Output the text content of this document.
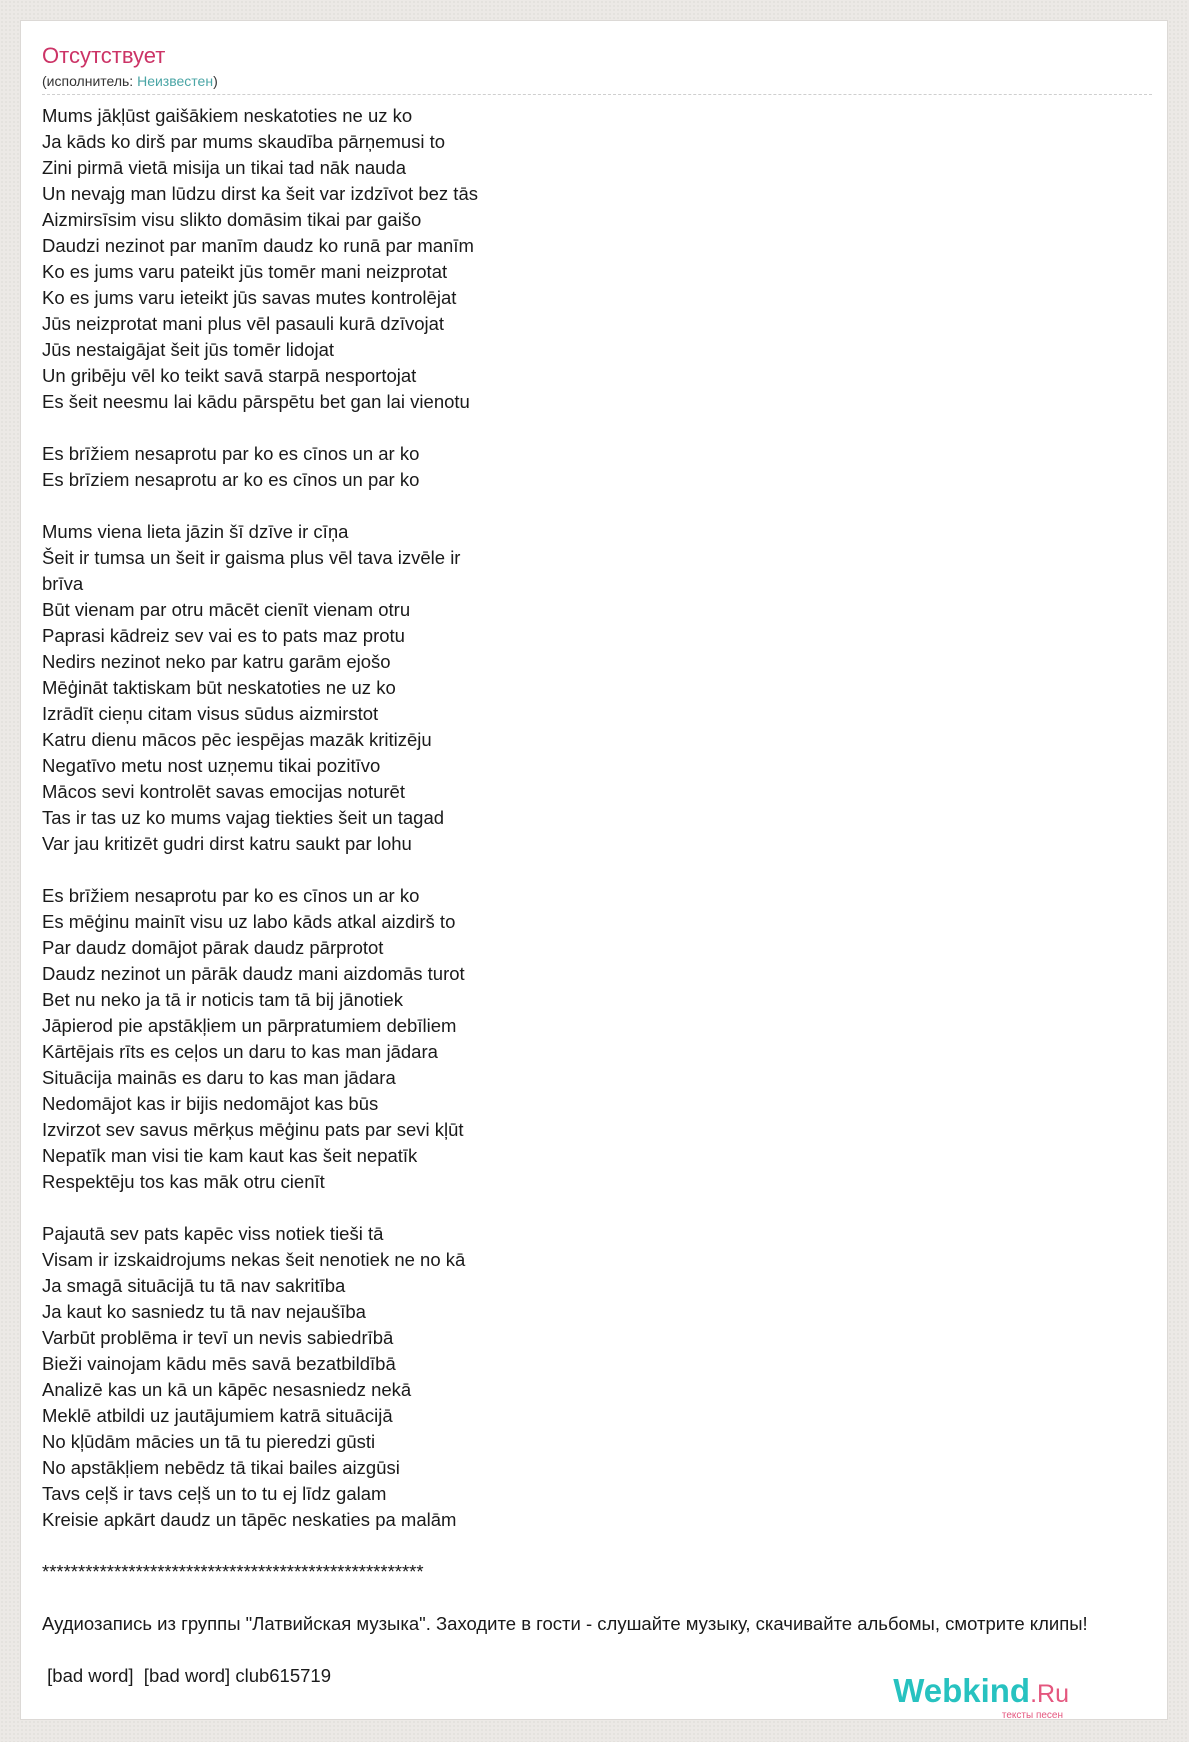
Отсутствует
(исполнитель: Неизвестен)
Mums jākļūst gaišākiem neskatoties ne uz ko
Ja kāds ko dirš par mums skaudība pārņemusi to
Zini pirmā vietā misija un tikai tad nāk nauda
Un nevajg man lūdzu dirst ka šeit var izdzīvot bez tās
Aizmirsīsim visu slikto domāsim tikai par gaišo
Daudzi nezinot par manīm daudz ko runā par manīm
Ko es jums varu pateikt jūs tomēr mani neizprotat
Ko es jums varu ieteikt jūs savas mutes kontrolējat
Jūs neizprotat mani plus vēl pasauli kurā dzīvojat
Jūs nestaigājat šeit jūs tomēr lidojat
Un gribēju vēl ko teikt savā starpā nesportojat
Es šeit neesmu lai kādu pārspētu bet gan lai vienotu

Es brīžiem nesaprotu par ko es cīnos un ar ko
Es brīziem nesaprotu ar ko es cīnos un par ko

Mums viena lieta jāzin šī dzīve ir cīņa
Šeit ir tumsa un šeit ir gaisma plus vēl tava izvēle ir
brīva
Būt vienam par otru mācēt cienīt vienam otru
Paprasi kādreiz sev vai es to pats maz protu
Nedirs nezinot neko par katru garām ejošo
Mēģināt taktiskam būt neskatoties ne uz ko
Izrādīt cieņu citam visus sūdus aizmirstot
Katru dienu mācos pēc iespējas mazāk kritizēju
Negatīvo metu nost uzņemu tikai pozitīvo
Mācos sevi kontrolēt savas emocijas noturēt
Tas ir tas uz ko mums vajag tiekties šeit un tagad
Var jau kritizēt gudri dirst katru saukt par lohu

Es brīžiem nesaprotu par ko es cīnos un ar ko
Es mēģinu mainīt visu uz labo kāds atkal aizdirš to
Par daudz domājot pārak daudz pārprotot
Daudz nezinot un pārāk daudz mani aizdomās turot
Bet nu neko ja tā ir noticis tam tā bij jānotiek
Jāpierod pie apstākļiem un pārpratumiem debīliem
Kārtējais rīts es ceļos un daru to kas man jādara
Situācija mainās es daru to kas man jādara
Nedomājot kas ir bijis nedomājot kas būs
Izvirzot sev savus mērķus mēģinu pats par sevi kļūt
Nepatīk man visi tie kam kaut kas šeit nepatīk
Respektēju tos kas māk otru cienīt

Pajautā sev pats kapēc viss notiek tieši tā
Visam ir izskaidrojums nekas šeit nenotiek ne no kā
Ja smagā situācijā tu tā nav sakritība
Ja kaut ko sasniedz tu tā nav nejaušība
Varbūt problēma ir tevī un nevis sabiedrībā
Bieži vainojam kādu mēs savā bezatbildībā
Analizē kas un kā un kāpēc nesasniedz nekā
Meklē atbildi uz jautājumiem katrā situācijā
No kļūdām mācies un tā tu pieredzi gūsti
No apstākļiem nebēdz tā tikai bailes aizgūsi
Tavs ceļš ir tavs ceļš un to tu ej līdz galam
Kreisie apkārt daudz un tāpēc neskaties pa malām

*****************************************************

Аудиозапись из группы "Латвийская музыка". Заходите в гости - слушайте музыку, скачивайте альбомы, смотрите клипы!

[bad word]  [bad word] club615719	Webkind.Ru
тексты песен
